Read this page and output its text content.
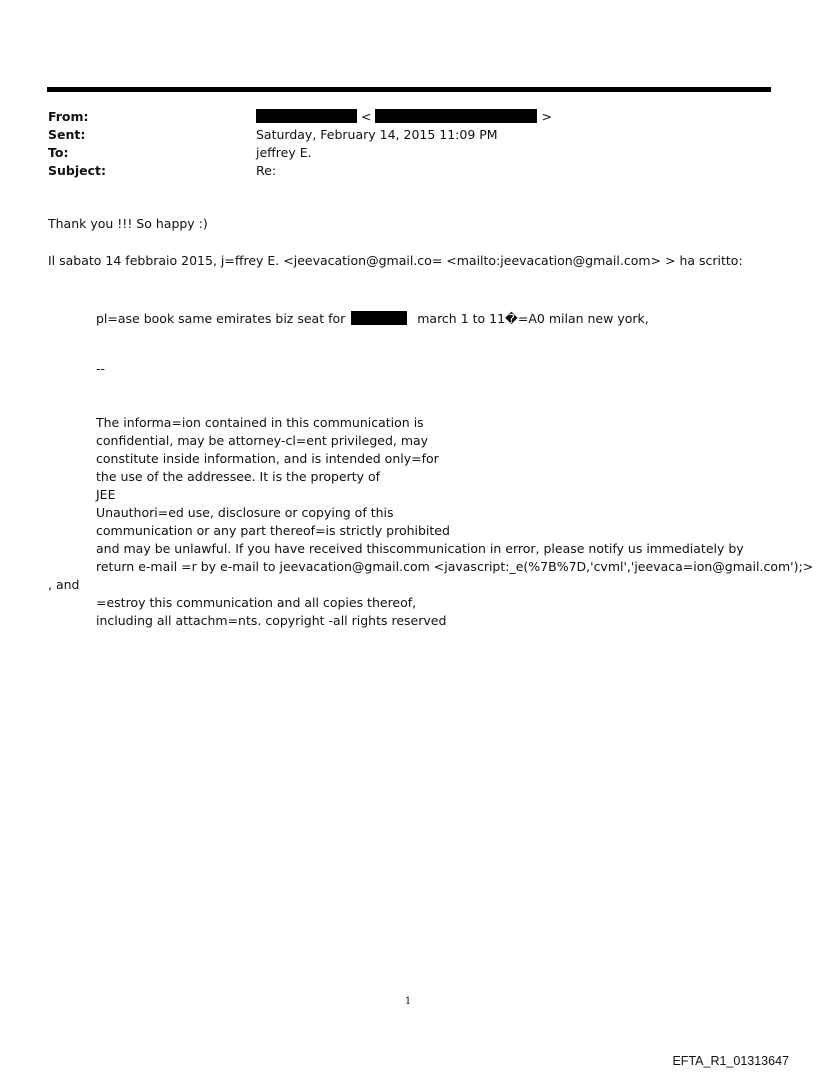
From:
Sent:
To:
Subject:
<	>
Saturday, February 14, 2015 11:09 PM
jeffrey E.
Re:
Thank you !!! So happy :)
Il sabato 14 febbraio 2015, j=ffrey E. <jeevacation@gmail.co= <mailto:jeevacation@gmail.com> > ha scritto:
pl=ase book same emirates biz seat for	march 1 to 11�=A0 milan new york,
--
The informa=ion contained in this communication is
confidential, may be attorney-cl=ent privileged, may
constitute inside information, and is intended only=for
the use of the addressee. It is the property of
JEE
Unauthori=ed use, disclosure or copying of this
communication or any part thereof=is strictly prohibited
and may be unlawful. If you have received thiscommunication in error, please notify us immediately by
return e-mail =r by e-mail to jeevacation@gmail.com <javascript:_e(%7B%7D,'cvml','jeevaca=ion@gmail.com');>
, and
=estroy this communication and all copies thereof,
including all attachm=nts. copyright -all rights reserved
1
EFTA_R1_01313647
